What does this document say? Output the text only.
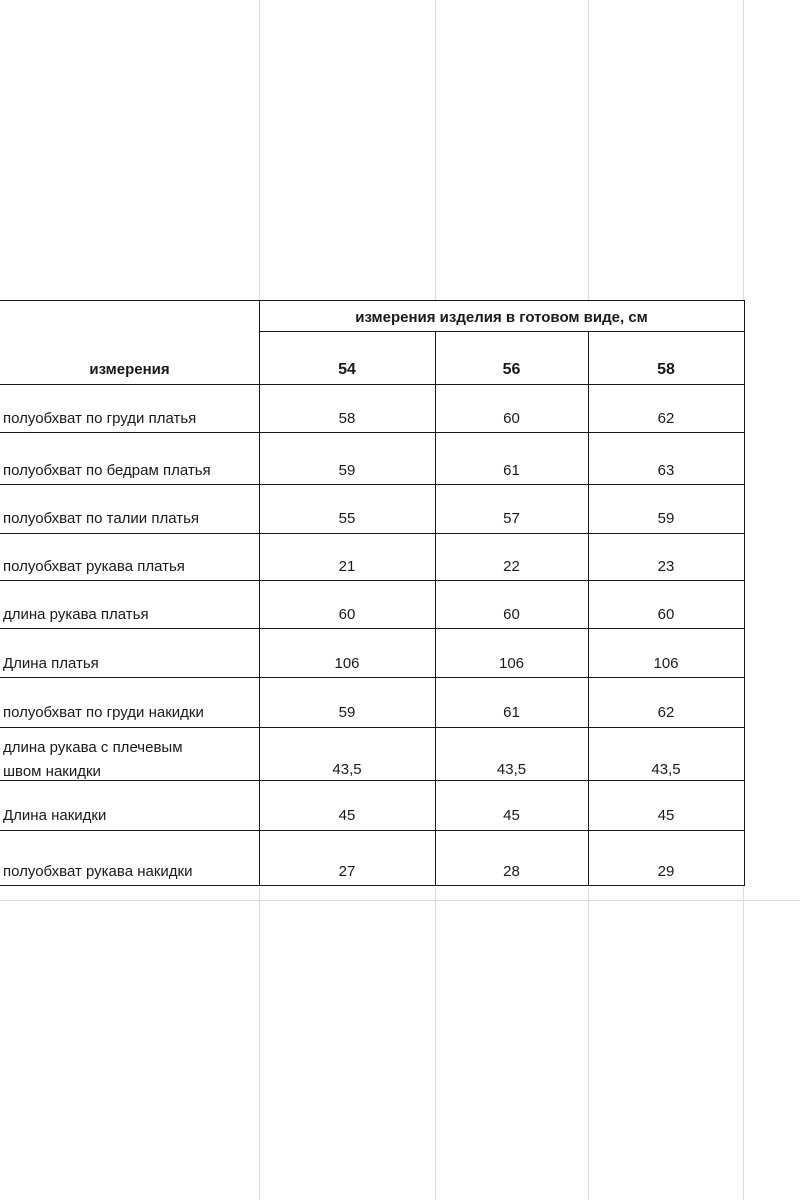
измерения изделия в готовом виде, см
измерения	54	56	58
полуобхват по груди платья	58	60	62
полуобхват по бедрам платья	59	61	63
полуобхват по талии платья	55	57	59
полуобхват рукава платья	21	22	23
длина рукава платья	60	60	60
Длина платья	106	106	106
полуобхват по груди накидки	59	61	62
длина рукава с плечевым
швом накидки	43,5	43,5	43,5
Длина накидки	45	45	45
полуобхват рукава накидки	27	28	29
